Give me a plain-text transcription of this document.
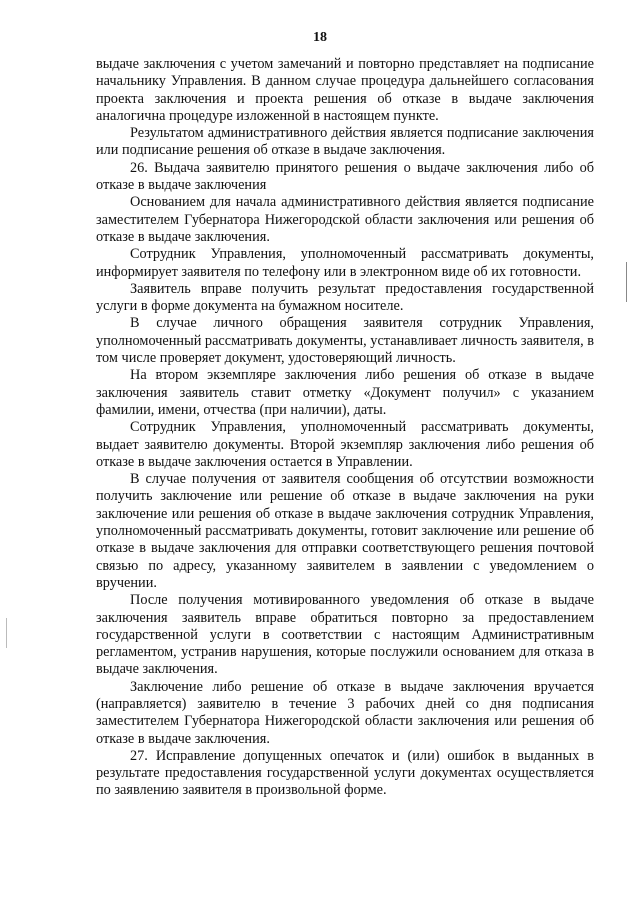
18

выдаче заключения с учетом замечаний и повторно представляет на подписание начальнику Управления. В данном случае процедура дальнейшего согласования проекта заключения и проекта решения об отказе в выдаче заключения аналогична процедуре изложенной в настоящем пункте.

Результатом административного действия является подписание заключения или подписание решения об отказе в выдаче заключения.

26. Выдача заявителю принятого решения о выдаче заключения либо об отказе в выдаче заключения

Основанием для начала административного действия является подписание заместителем Губернатора Нижегородской области заключения или решения об отказе в выдаче заключения.

Сотрудник Управления, уполномоченный рассматривать документы, информирует заявителя по телефону или в электронном виде об их готовности.

Заявитель вправе получить результат предоставления государственной услуги в форме документа на бумажном носителе.

В случае личного обращения заявителя сотрудник Управления, уполномоченный рассматривать документы, устанавливает личность заявителя, в том числе проверяет документ, удостоверяющий личность.

На втором экземпляре заключения либо решения об отказе в выдаче заключения заявитель ставит отметку «Документ получил» с указанием фамилии, имени, отчества (при наличии), даты.

Сотрудник Управления, уполномоченный рассматривать документы, выдает заявителю документы. Второй экземпляр заключения либо решения об отказе в выдаче заключения остается в Управлении.

В случае получения от заявителя сообщения об отсутствии возможности получить заключение или решение об отказе в выдаче заключения на руки заключение или решения об отказе в выдаче заключения сотрудник Управления, уполномоченный рассматривать документы, готовит заключение или решение об отказе в выдаче заключения для отправки соответствующего решения почтовой связью по адресу, указанному заявителем в заявлении с уведомлением о вручении.

После получения мотивированного уведомления об отказе в выдаче заключения заявитель вправе обратиться повторно за предоставлением государственной услуги в соответствии с настоящим Административным регламентом, устранив нарушения, которые послужили основанием для отказа в выдаче заключения.

Заключение либо решение об отказе в выдаче заключения вручается (направляется) заявителю в течение 3 рабочих дней со дня подписания заместителем Губернатора Нижегородской области заключения или решения об отказе в выдаче заключения.

27. Исправление допущенных опечаток и (или) ошибок в выданных в результате предоставления государственной услуги документах осуществляется по заявлению заявителя в произвольной форме.
